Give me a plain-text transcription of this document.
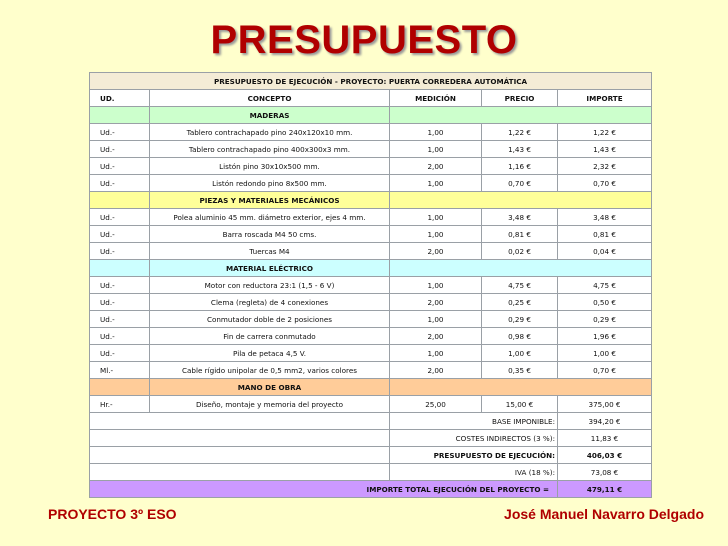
PRESUPUESTO
PRESUPUESTO DE EJECUCIÓN - PROYECTO: PUERTA CORREDERA AUTOMÁTICA				
UD.	CONCEPTO	MEDICIÓN	PRECIO	IMPORTE
	MADERAS			
Ud.-	Tablero contrachapado pino 240x120x10 mm.	1,00	1,22 €	1,22 €
Ud.-	Tablero contrachapado pino 400x300x3 mm.	1,00	1,43 €	1,43 €
Ud.-	Listón pino 30x10x500 mm.	2,00	1,16 €	2,32 €
Ud.-	Listón redondo pino 8x500 mm.	1,00	0,70 €	0,70 €
	PIEZAS Y MATERIALES MECÁNICOS			
Ud.-	Polea aluminio 45 mm. diámetro exterior, ejes 4 mm.	1,00	3,48 €	3,48 €
Ud.-	Barra roscada M4 50 cms.	1,00	0,81 €	0,81 €
Ud.-	Tuercas M4	2,00	0,02 €	0,04 €
	MATERIAL ELÉCTRICO			
Ud.-	Motor con reductora 23:1 (1,5 - 6 V)	1,00	4,75 €	4,75 €
Ud.-	Clema (regleta) de 4 conexiones	2,00	0,25 €	0,50 €
Ud.-	Conmutador doble de 2 posiciones	1,00	0,29 €	0,29 €
Ud.-	Fin de carrera conmutado	2,00	0,98 €	1,96 €
Ud.-	Pila de petaca 4,5 V.	1,00	1,00 €	1,00 €
Ml.-	Cable rígido unipolar de 0,5 mm2, varios colores	2,00	0,35 €	0,70 €
	MANO DE OBRA			
Hr.-	Diseño, montaje y memoria del proyecto	25,00	15,00 €	375,00 €
		BASE IMPONIBLE:		394,20 €
		COSTES INDIRECTOS (3 %):		11,83 €
		PRESUPUESTO DE EJECUCIÓN:		406,03 €
		IVA (18 %):		73,08 €
IMPORTE TOTAL EJECUCIÓN DEL PROYECTO =				479,11 €
PROYECTO 3º ESO	José Manuel Navarro Delgado
